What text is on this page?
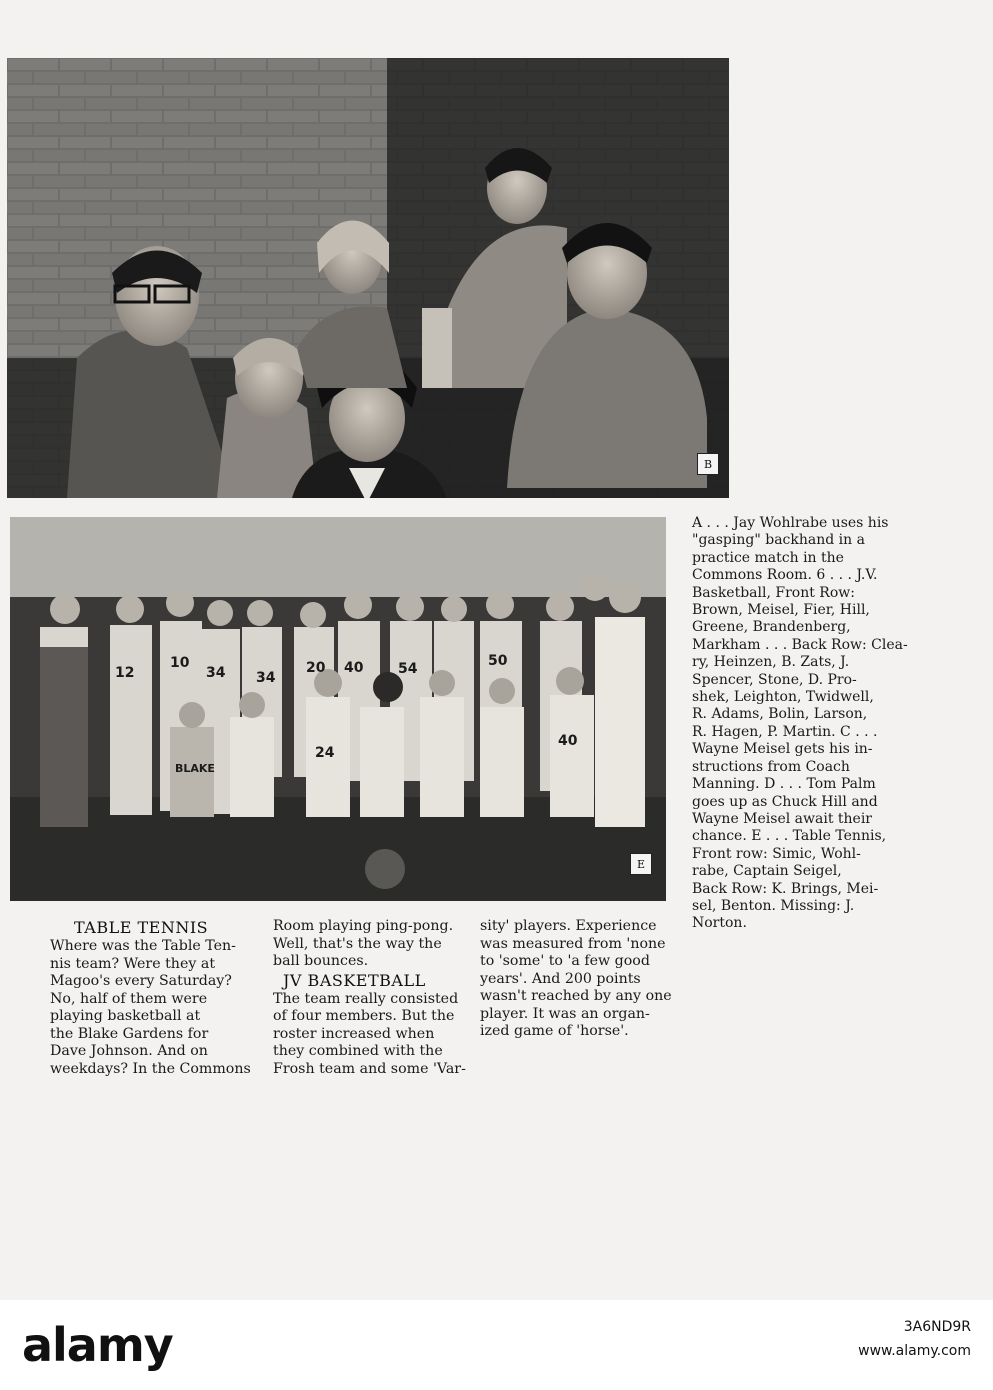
B
12
10
34 34
20 40 54	50
24
40
BLAKE
E
TABLE TENNIS
Where was the Table Ten-
nis team? Were they at
Magoo's every Saturday?
No, half of them were
playing basketball at
the Blake Gardens for
Dave Johnson. And on
weekdays? In the Commons
Room playing ping-pong.
Well, that's the way the
ball bounces.
JV BASKETBALL
The team really consisted
of four members. But the
roster increased when
they combined with the
Frosh team and some 'Var-
sity' players. Experience
was measured from 'none
to 'some' to 'a few good
years'. And 200 points
wasn't reached by any one
player. It was an organ-
ized game of 'horse'.
A . . . Jay Wohlrabe uses his
"gasping" backhand in a
practice match in the
Commons Room. 6 . . . J.V.
Basketball, Front Row:
Brown, Meisel, Fier, Hill,
Greene, Brandenberg,
Markham . . . Back Row: Clea-
ry, Heinzen, B. Zats, J.
Spencer, Stone, D. Pro-
shek, Leighton, Twidwell,
R. Adams, Bolin, Larson,
R. Hagen, P. Martin. C . . .
Wayne Meisel gets his in-
structions from Coach
Manning. D . . . Tom Palm
goes up as Chuck Hill and
Wayne Meisel await their
chance. E . . . Table Tennis,
Front row: Simic, Wohl-
rabe, Captain Seigel,
Back Row: K. Brings, Mei-
sel, Benton. Missing: J.
Norton.
alamy	3A6ND9R
www.alamy.com
